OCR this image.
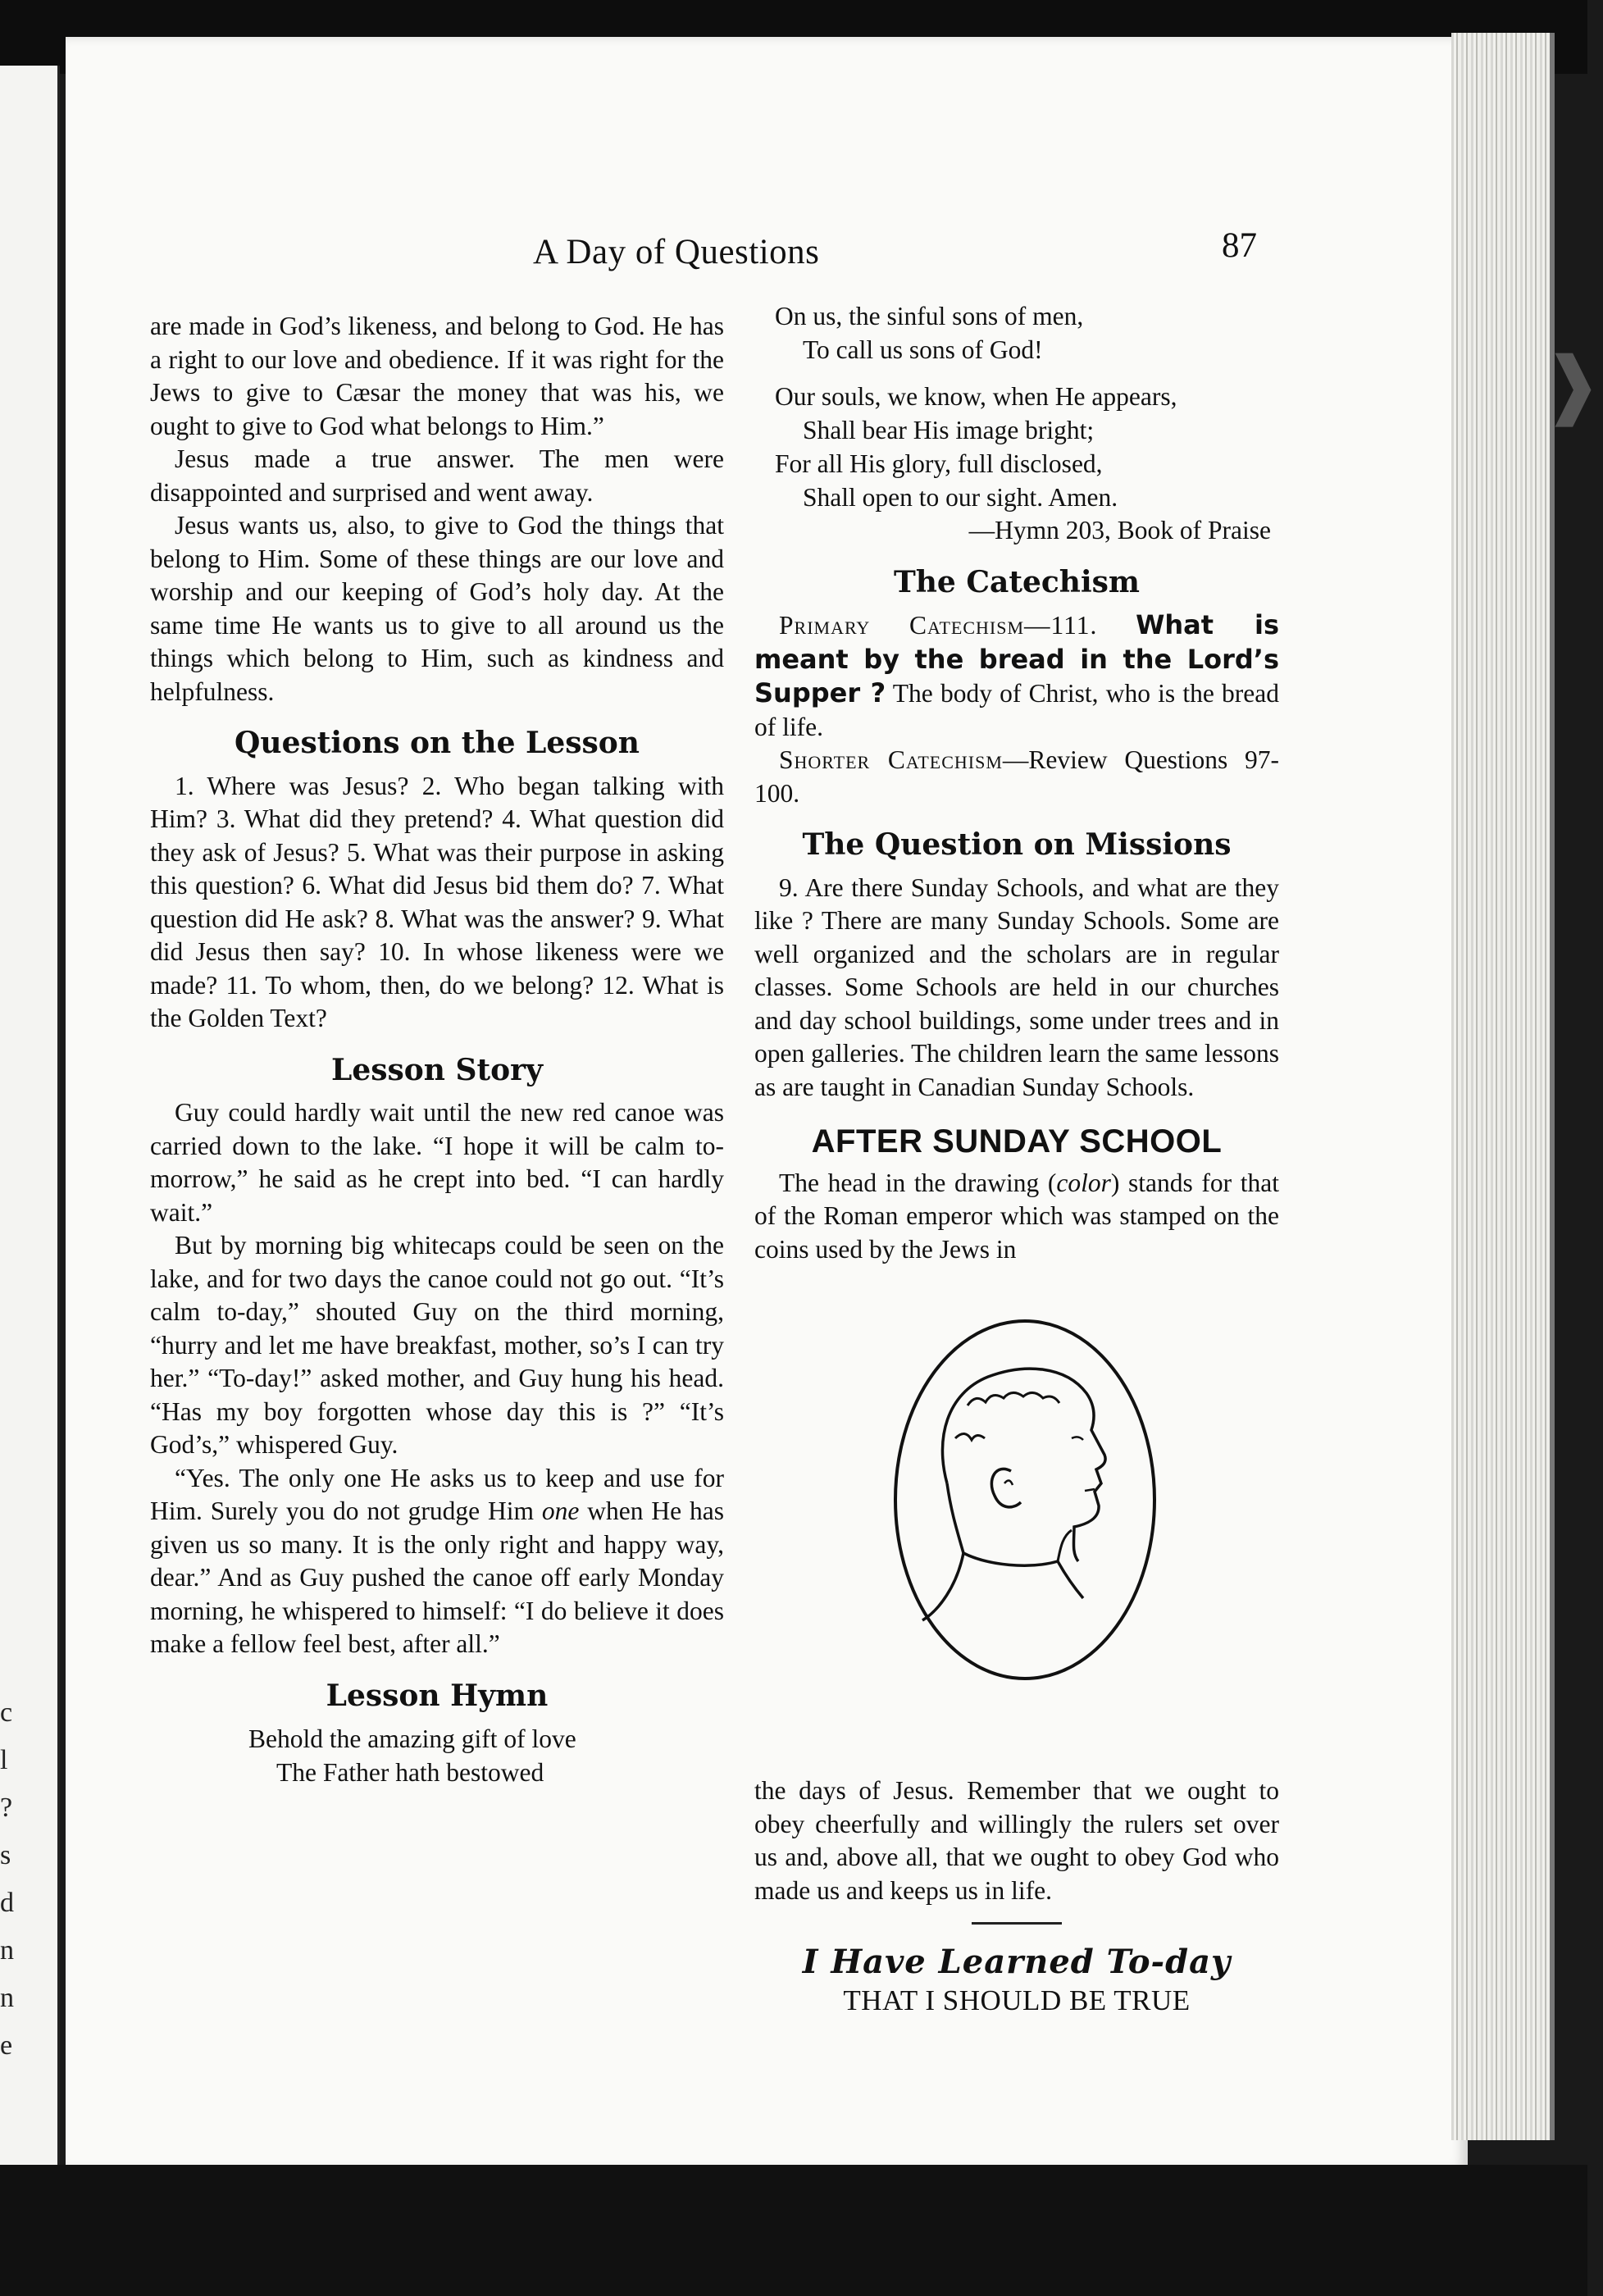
c
l
?
s
d
n
n
e
❱
A Day of Questions	87

are made in God’s likeness, and belong to God. He has a right to our love and obedience. If it was right for the Jews to give to Cæsar the money that was his, we ought to give to God what belongs to Him.”

Jesus made a true answer. The men were disappointed and surprised and went away.

Jesus wants us, also, to give to God the things that belong to Him. Some of these things are our love and worship and our keeping of God’s holy day. At the same time He wants us to give to all around us the things which belong to Him, such as kindness and helpfulness.

Questions on the Lesson

1. Where was Jesus? 2. Who began talking with Him? 3. What did they pretend? 4. What question did they ask of Jesus? 5. What was their purpose in asking this question? 6. What did Jesus bid them do? 7. What question did He ask? 8. What was the answer? 9. What did Jesus then say? 10. In whose likeness were we made? 11. To whom, then, do we belong? 12. What is the Golden Text?

Lesson Story

Guy could hardly wait until the new red canoe was carried down to the lake. “I hope it will be calm to-morrow,” he said as he crept into bed. “I can hardly wait.”

But by morning big whitecaps could be seen on the lake, and for two days the canoe could not go out. “It’s calm to-day,” shouted Guy on the third morning, “hurry and let me have breakfast, mother, so’s I can try her.” “To-day!” asked mother, and Guy hung his head. “Has my boy forgotten whose day this is ?” “It’s God’s,” whispered Guy.

“Yes. The only one He asks us to keep and use for Him. Surely you do not grudge Him one when He has given us so many. It is the only right and happy way, dear.” And as Guy pushed the canoe off early Monday morning, he whispered to himself: “I do believe it does make a fellow feel best, after all.”

Lesson Hymn
Behold the amazing gift of love
The Father hath bestowed
On us, the sinful sons of men,
To call us sons of God!
Our souls, we know, when He appears,
Shall bear His image bright;
For all His glory, full disclosed,
Shall open to our sight. Amen.
—Hymn 203, Book of Praise
The Catechism

Primary Catechism—111. What is meant by the bread in the Lord’s Supper ? The body of Christ, who is the bread of life.

Shorter Catechism—Review Questions 97-100.

The Question on Missions

9. Are there Sunday Schools, and what are they like ? There are many Sunday Schools. Some are well organized and the scholars are in regular classes. Some Schools are held in our churches and day school buildings, some under trees and in open galleries. The children learn the same lessons as are taught in Canadian Sunday Schools.

AFTER SUNDAY SCHOOL

The head in the drawing (color) stands for that of the Roman emperor which was stamped on the coins used by the Jews in

the days of Jesus. Remember that we ought to obey cheerfully and willingly the rulers set over us and, above all, that we ought to obey God who made us and keeps us in life.

I Have Learned To-day
THAT I SHOULD BE TRUE
